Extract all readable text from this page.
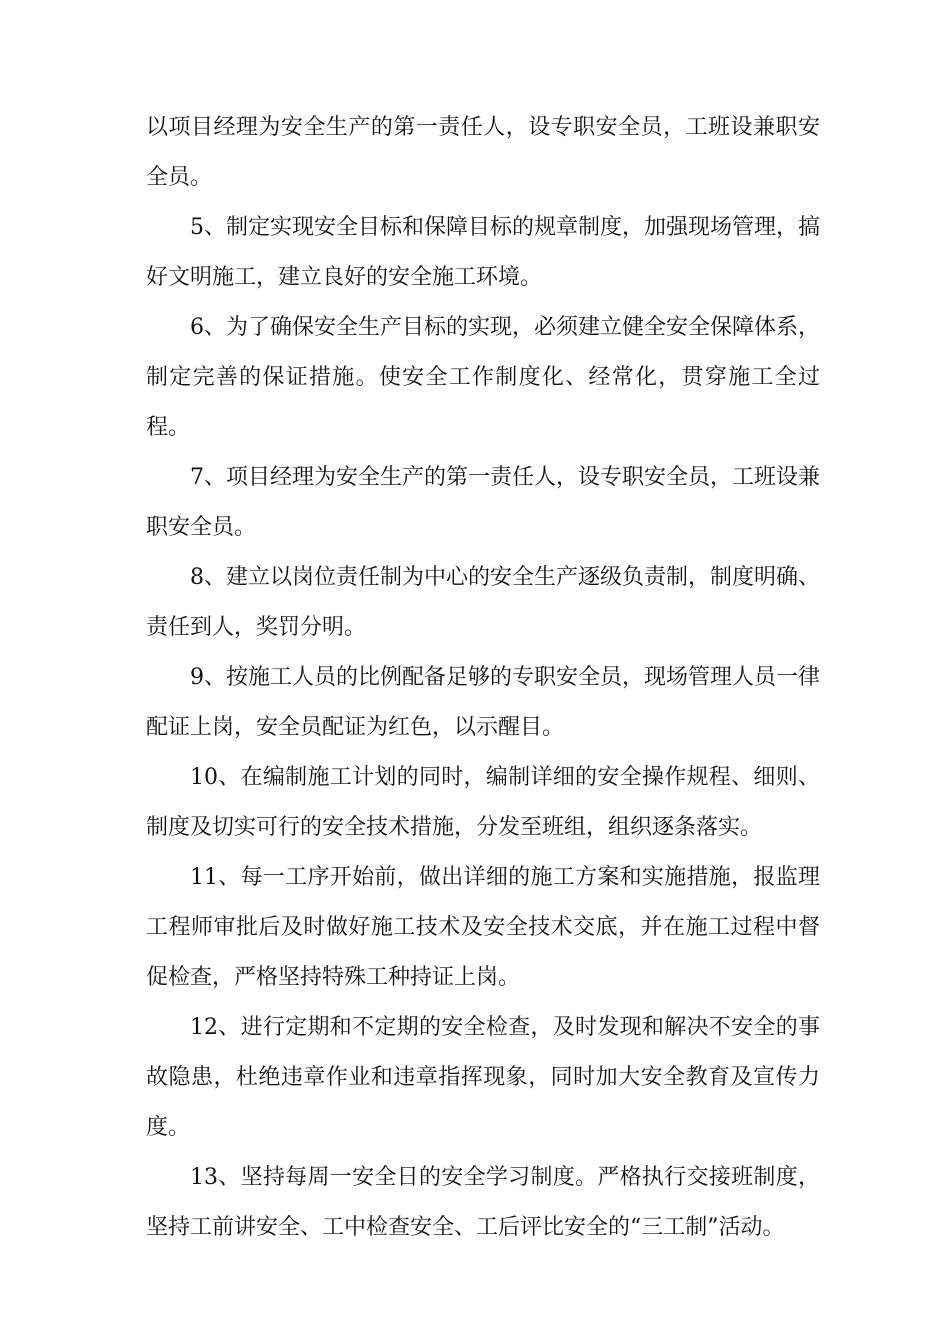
以项目经理为安全生产的第一责任人，设专职安全员，工班设兼职安全员。

5、制定实现安全目标和保障目标的规章制度，加强现场管理，搞好文明施工，建立良好的安全施工环境。

6、为了确保安全生产目标的实现，必须建立健全安全保障体系，制定完善的保证措施。使安全工作制度化、经常化，贯穿施工全过程。

7、项目经理为安全生产的第一责任人，设专职安全员，工班设兼职安全员。

8、建立以岗位责任制为中心的安全生产逐级负责制，制度明确、责任到人，奖罚分明。

9、按施工人员的比例配备足够的专职安全员，现场管理人员一律配证上岗，安全员配证为红色，以示醒目。

10、在编制施工计划的同时，编制详细的安全操作规程、细则、制度及切实可行的安全技术措施，分发至班组，组织逐条落实。

11、每一工序开始前，做出详细的施工方案和实施措施，报监理工程师审批后及时做好施工技术及安全技术交底，并在施工过程中督促检查，严格坚持特殊工种持证上岗。

12、进行定期和不定期的安全检查，及时发现和解决不安全的事故隐患，杜绝违章作业和违章指挥现象，同时加大安全教育及宣传力度。

13、坚持每周一安全日的安全学习制度。严格执行交接班制度，坚持工前讲安全、工中检查安全、工后评比安全的“三工制”活动。
